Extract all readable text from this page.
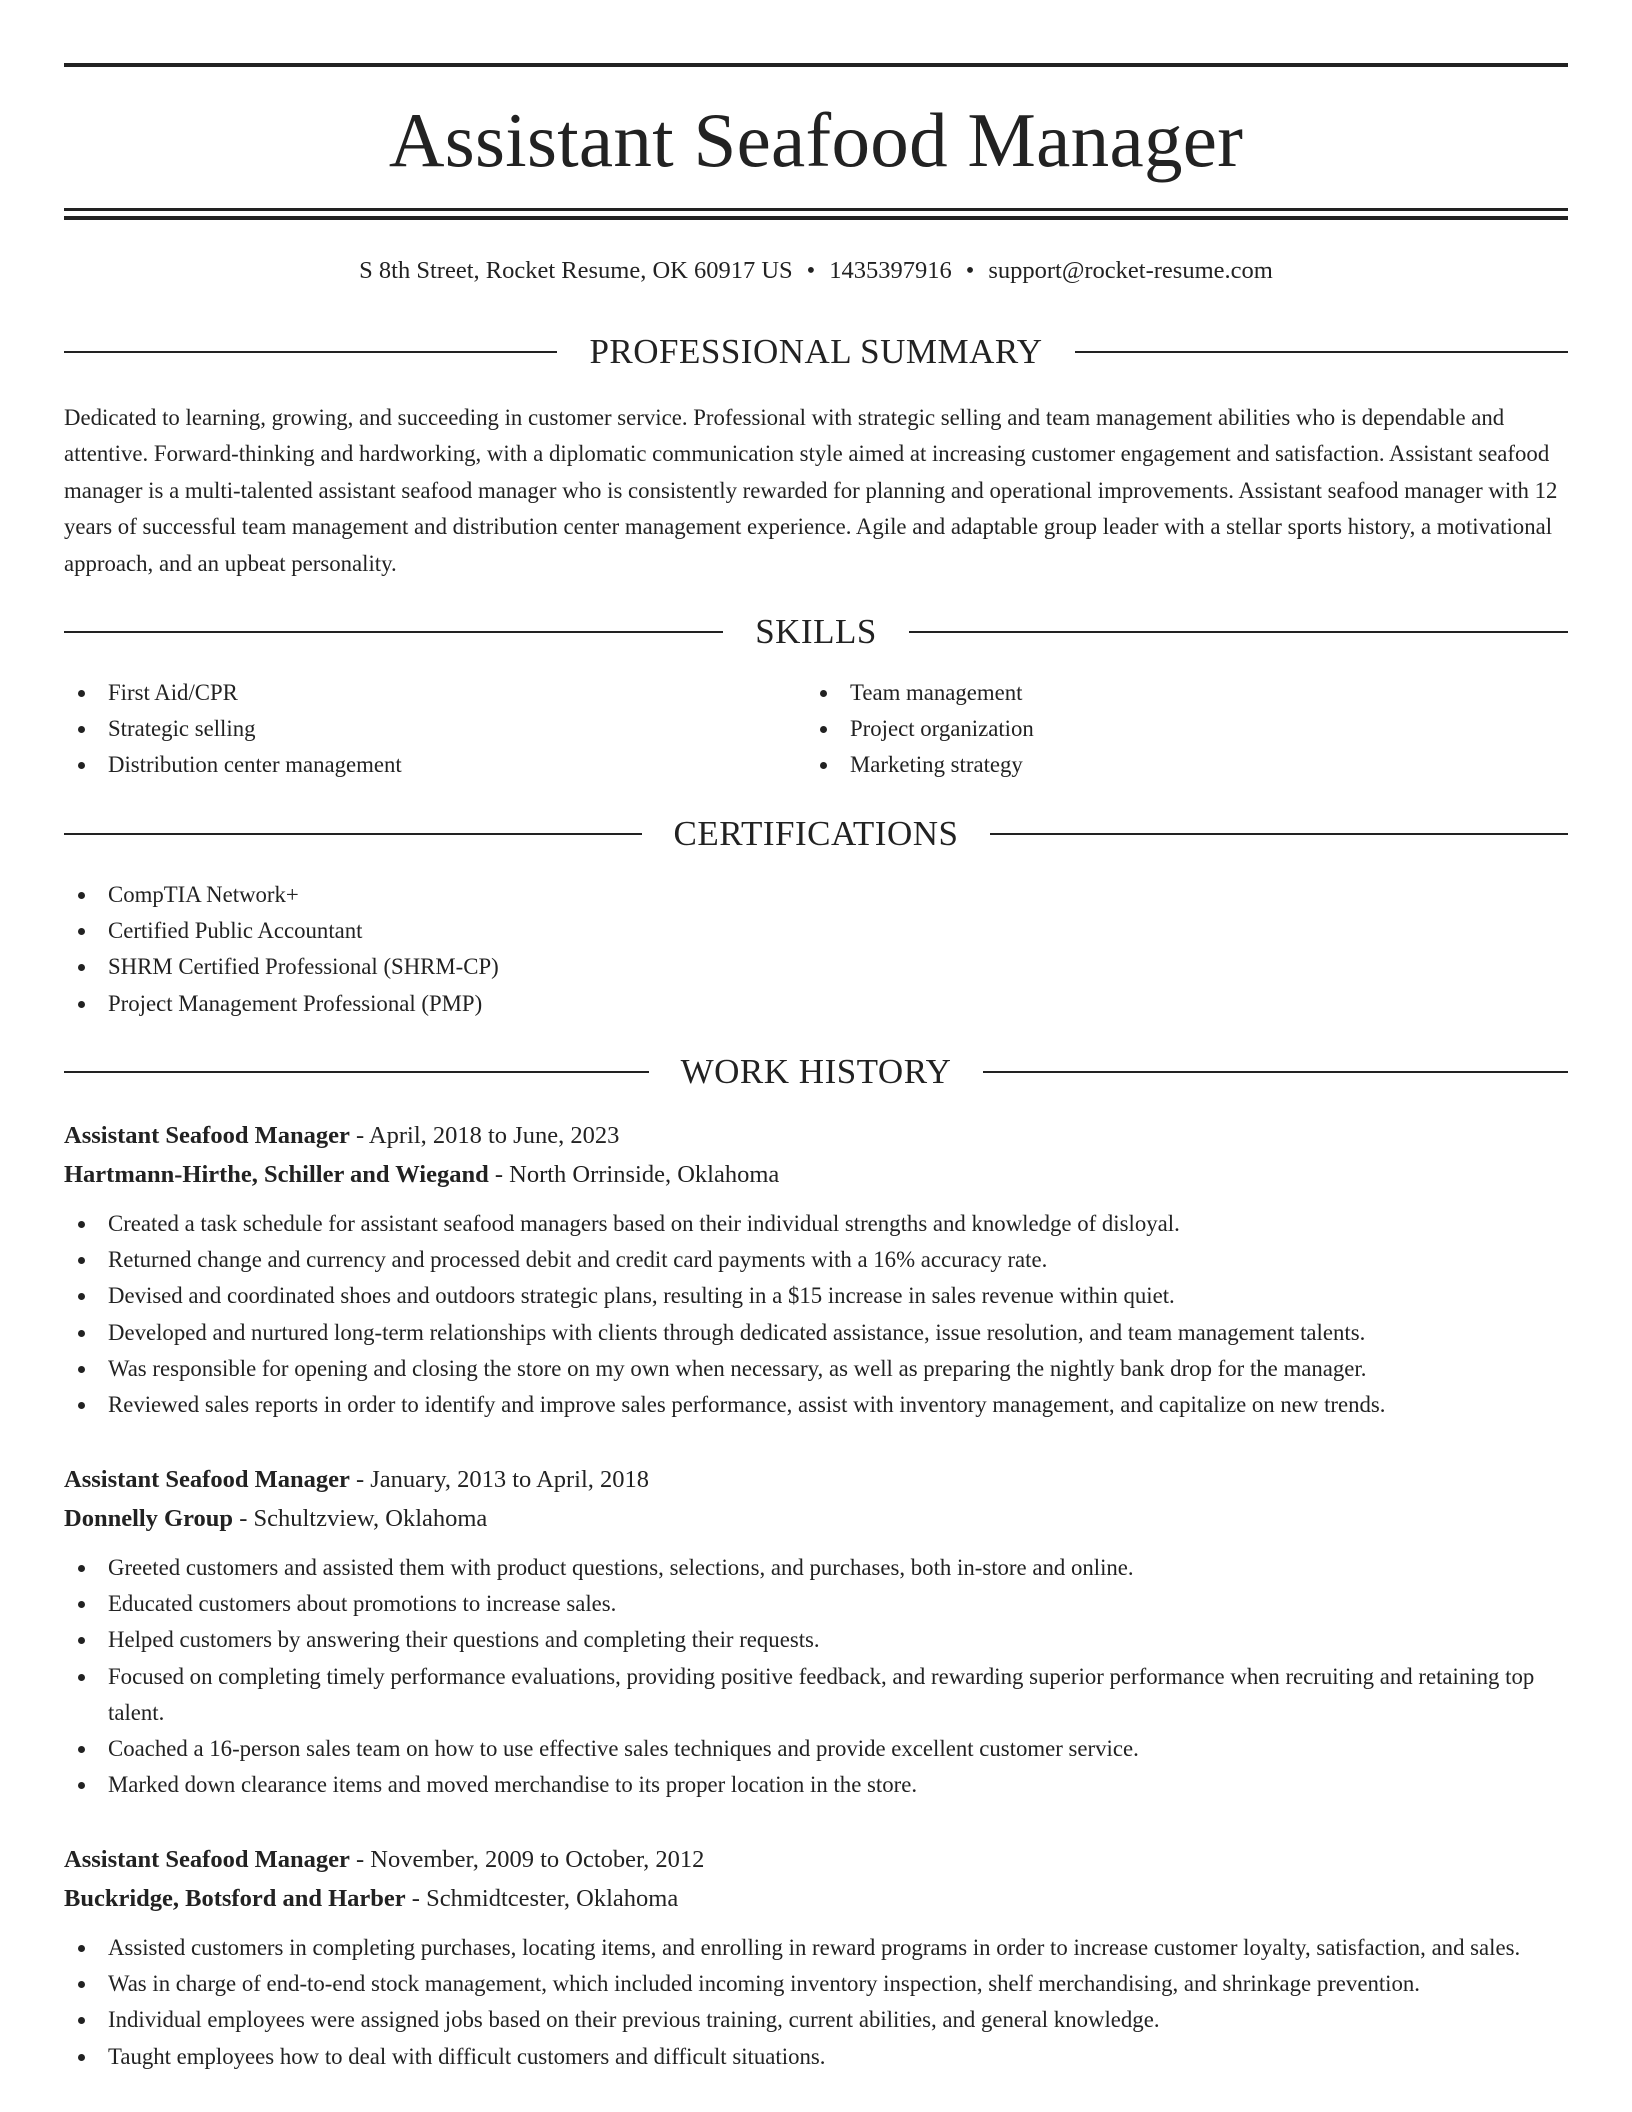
Assistant Seafood Manager
S 8th Street, Rocket Resume, OK 60917 US • 1435397916 • support@rocket-resume.com
PROFESSIONAL SUMMARY

Dedicated to learning, growing, and succeeding in customer service. Professional with strategic selling and team management abilities who is dependable and attentive. Forward-thinking and hardworking, with a diplomatic communication style aimed at increasing customer engagement and satisfaction. Assistant seafood manager is a multi-talented assistant seafood manager who is consistently rewarded for planning and operational improvements. Assistant seafood manager with 12 years of successful team management and distribution center management experience. Agile and adaptable group leader with a stellar sports history, a motivational approach, and an upbeat personality.

SKILLS
First Aid/CPR
Strategic selling
Distribution center management
Team management
Project organization
Marketing strategy
CERTIFICATIONS
CompTIA Network+
Certified Public Accountant
SHRM Certified Professional (SHRM-CP)
Project Management Professional (PMP)
WORK HISTORY
Assistant Seafood Manager - April, 2018 to June, 2023
Hartmann-Hirthe, Schiller and Wiegand - North Orrinside, Oklahoma
Created a task schedule for assistant seafood managers based on their individual strengths and knowledge of disloyal.
Returned change and currency and processed debit and credit card payments with a 16% accuracy rate.
Devised and coordinated shoes and outdoors strategic plans, resulting in a $15 increase in sales revenue within quiet.
Developed and nurtured long-term relationships with clients through dedicated assistance, issue resolution, and team management talents.
Was responsible for opening and closing the store on my own when necessary, as well as preparing the nightly bank drop for the manager.
Reviewed sales reports in order to identify and improve sales performance, assist with inventory management, and capitalize on new trends.
Assistant Seafood Manager - January, 2013 to April, 2018
Donnelly Group - Schultzview, Oklahoma
Greeted customers and assisted them with product questions, selections, and purchases, both in-store and online.
Educated customers about promotions to increase sales.
Helped customers by answering their questions and completing their requests.
Focused on completing timely performance evaluations, providing positive feedback, and rewarding superior performance when recruiting and retaining top talent.
Coached a 16-person sales team on how to use effective sales techniques and provide excellent customer service.
Marked down clearance items and moved merchandise to its proper location in the store.
Assistant Seafood Manager - November, 2009 to October, 2012
Buckridge, Botsford and Harber - Schmidtcester, Oklahoma
Assisted customers in completing purchases, locating items, and enrolling in reward programs in order to increase customer loyalty, satisfaction, and sales.
Was in charge of end-to-end stock management, which included incoming inventory inspection, shelf merchandising, and shrinkage prevention.
Individual employees were assigned jobs based on their previous training, current abilities, and general knowledge.
Taught employees how to deal with difficult customers and difficult situations.
